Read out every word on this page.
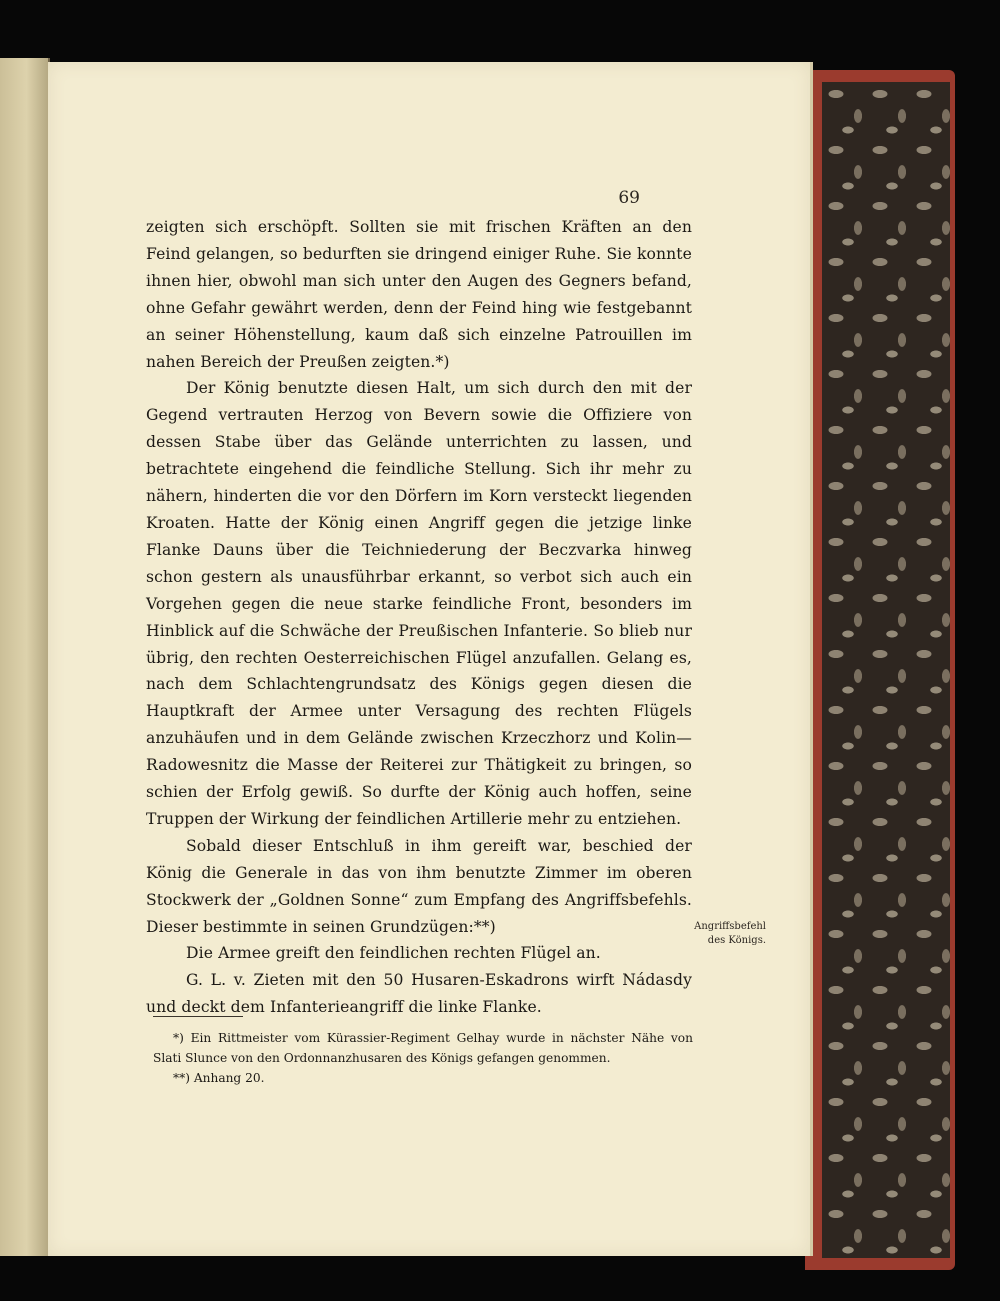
69

zeigten sich erschöpft. Sollten sie mit frischen Kräften an den Feind gelangen, so bedurften sie dringend einiger Ruhe. Sie konnte ihnen hier, obwohl man sich unter den Augen des Gegners befand, ohne Gefahr gewährt werden, denn der Feind hing wie festgebannt an seiner Höhenstellung, kaum daß sich einzelne Patrouillen im nahen Bereich der Preußen zeigten.*)

Der König benutzte diesen Halt, um sich durch den mit der Gegend vertrauten Herzog von Bevern sowie die Offiziere von dessen Stabe über das Gelände unterrichten zu lassen, und betrachtete eingehend die feindliche Stellung. Sich ihr mehr zu nähern, hinderten die vor den Dörfern im Korn versteckt liegenden Kroaten. Hatte der König einen Angriff gegen die jetzige linke Flanke Dauns über die Teichniederung der Beczvarka hinweg schon gestern als unausführbar erkannt, so verbot sich auch ein Vorgehen gegen die neue starke feindliche Front, besonders im Hinblick auf die Schwäche der Preußischen Infanterie. So blieb nur übrig, den rechten Oesterreichischen Flügel anzufallen. Gelang es, nach dem Schlachtengrundsatz des Königs gegen diesen die Hauptkraft der Armee unter Versagung des rechten Flügels anzuhäufen und in dem Gelände zwischen Krzeczhorz und Kolin—Radowesnitz die Masse der Reiterei zur Thätigkeit zu bringen, so schien der Erfolg gewiß. So durfte der König auch hoffen, seine Truppen der Wirkung der feindlichen Artillerie mehr zu entziehen.

Sobald dieser Entschluß in ihm gereift war, beschied der König die Generale in das von ihm benutzte Zimmer im oberen Stockwerk der „Goldnen Sonne“ zum Empfang des Angriffsbefehls. Dieser bestimmte in seinen Grundzügen:**)

Die Armee greift den feindlichen rechten Flügel an.

G. L. v. Zieten mit den 50 Husaren-Eskadrons wirft Nádasdy und deckt dem Infanterieangriff die linke Flanke.

Angriffsbefehl
des Königs.

*) Ein Rittmeister vom Kürassier-Regiment Gelhay wurde in nächster Nähe von Slati Slunce von den Ordonnanzhusaren des Königs gefangen genommen.

**) Anhang 20.
